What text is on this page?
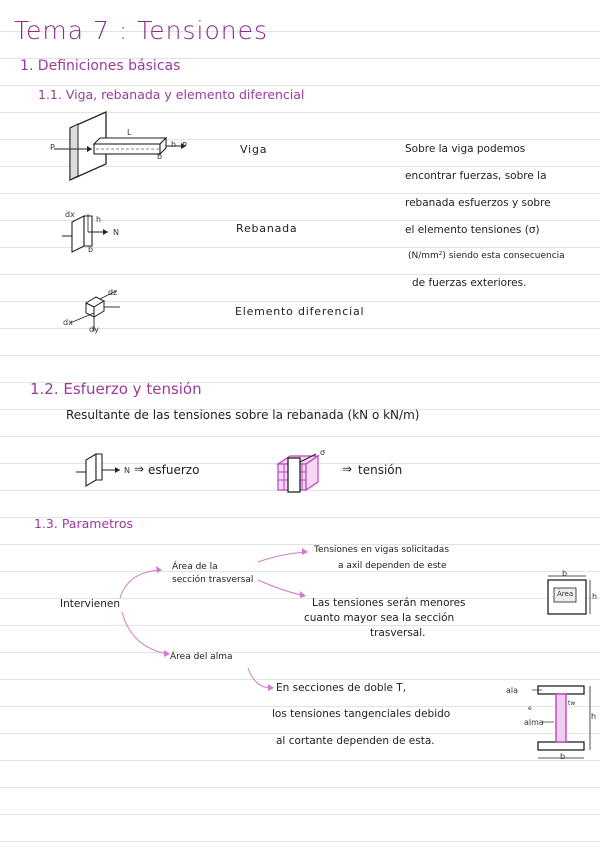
Tema 7 : Tensiones
1. Definiciones básicas
1.1. Viga, rebanada y elemento diferencial
P	P
L
b
h
dx
h
N
b
dz
dx
dy
Viga
Rebanada
Elemento diferencial
Sobre la viga podemos
encontrar fuerzas, sobre la
rebanada esfuerzos y sobre
el elemento tensiones (σ)
(N/mm²) siendo esta consecuencia
de fuerzas exteriores.
1.2. Esfuerzo y tensión
Resultante de las tensiones sobre la rebanada (kN o kN/m)
N ⇒ esfuerzo
σ
⇒ tensión
1.3. Parametros
Intervienen
Área de la
sección trasversal
Área del alma
Tensiones en vigas solicitadas
a axil dependen de este
Las tensiones serán menores
cuanto mayor sea la sección
trasversal.
En secciones de doble T,
los tensiones tangenciales debido
al cortante dependen de esta.
b
h
Área
ala
alma
tw
e
h
b
